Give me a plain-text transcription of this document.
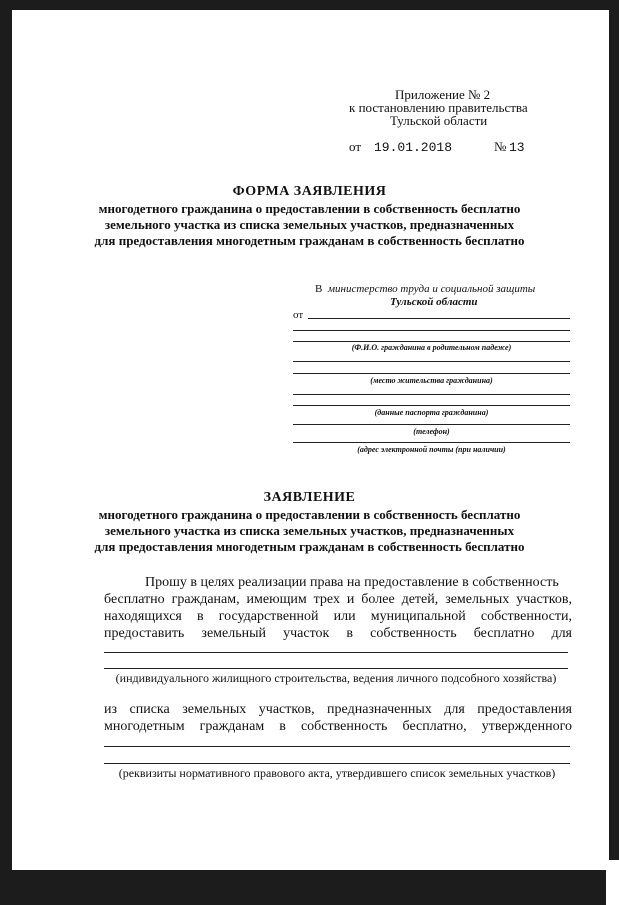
Приложение № 2
к постановлению правительства
Тульской области
от 19.01.2018	№ 13
ФОРМА ЗАЯВЛЕНИЯ
многодетного гражданина о предоставлении в собственность бесплатно
земельного участка из списка земельных участков, предназначенных
для предоставления многодетным гражданам в собственность бесплатно
В министерство труда и социальной защиты
Тульской области
от
(Ф.И.О. гражданина в родительном падеже)
(место жительства гражданина)
(данные паспорта гражданина)
(телефон)
(адрес электронной почты (при наличии)
ЗАЯВЛЕНИЕ
многодетного гражданина о предоставлении в собственность бесплатно
земельного участка из списка земельных участков, предназначенных
для предоставления многодетным гражданам в собственность бесплатно
Прошу в целях реализации права на предоставление в собственность
бесплатно гражданам, имеющим трех и более детей, земельных участков,
находящихся в государственной или муниципальной собственности,
предоставить земельный участок в собственность бесплатно для
(индивидуального жилищного строительства, ведения личного подсобного хозяйства)
из списка земельных участков, предназначенных для предоставления
многодетным гражданам в собственность бесплатно, утвержденного
(реквизиты нормативного правового акта, утвердившего список земельных участков)
